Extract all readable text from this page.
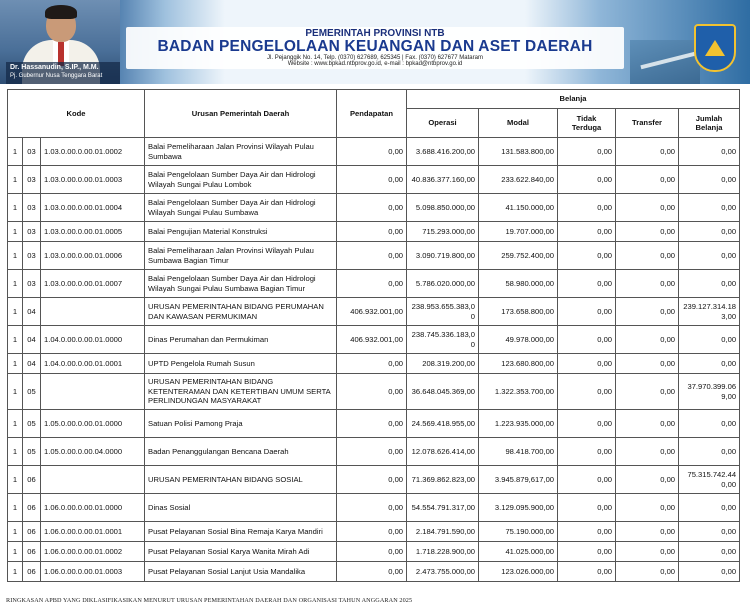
Dr. Hassanudin, S.IP., M.M.
Pj. Gubernur Nusa Tenggara Barat
PEMERINTAH PROVINSI NTB
BADAN PENGELOLAAN KEUANGAN DAN ASET DAERAH
Jl. Pejanggik No. 14, Telp. (0370) 627689, 625345 | Fax. (0370) 627677 Mataram
Website : www.bpkad.ntbprov.go.id, e-mail : bpkad@ntbprov.go.id
Kode			Urusan Pemerintah Daerah	Pendapatan	Belanja				
					Operasi	Modal	Tidak Terduga	Transfer	Jumlah Belanja
1	03	1.03.0.00.0.00.01.0002	Balai Pemeliharaan Jalan Provinsi Wilayah Pulau Sumbawa	0,00	3.688.416.200,00	131.583.800,00	0,00	0,00	0,00
1	03	1.03.0.00.0.00.01.0003	Balai Pengelolaan Sumber Daya Air dan Hidrologi Wilayah Sungai Pulau Lombok	0,00	40.836.377.160,00	233.622.840,00	0,00	0,00	0,00
1	03	1.03.0.00.0.00.01.0004	Balai Pengelolaan Sumber Daya Air dan Hidrologi Wilayah Sungai Pulau Sumbawa	0,00	5.098.850.000,00	41.150.000,00	0,00	0,00	0,00
1	03	1.03.0.00.0.00.01.0005	Balai Pengujian Material Konstruksi	0,00	715.293.000,00	19.707.000,00	0,00	0,00	0,00
1	03	1.03.0.00.0.00.01.0006	Balai Pemeliharaan Jalan Provinsi Wilayah Pulau Sumbawa Bagian Timur	0,00	3.090.719.800,00	259.752.400,00	0,00	0,00	0,00
1	03	1.03.0.00.0.00.01.0007	Balai Pengelolaan Sumber Daya Air dan Hidrologi Wilayah Sungai Pulau Sumbawa Bagian Timur	0,00	5.786.020.000,00	58.980.000,00	0,00	0,00	0,00
1	04		URUSAN PEMERINTAHAN BIDANG PERUMAHAN DAN KAWASAN PERMUKIMAN	406.932.001,00	238.953.655.383,00	173.658.800,00	0,00	0,00	239.127.314.183,00
1	04	1.04.0.00.0.00.01.0000	Dinas Perumahan dan Permukiman	406.932.001,00	238.745.336.183,00	49.978.000,00	0,00	0,00	0,00
1	04	1.04.0.00.0.00.01.0001	UPTD Pengelola Rumah Susun	0,00	208.319.200,00	123.680.800,00	0,00	0,00	0,00
1	05		URUSAN PEMERINTAHAN BIDANG KETENTERAMAN DAN KETERTIBAN UMUM SERTA PERLINDUNGAN MASYARAKAT	0,00	36.648.045.369,00	1.322.353.700,00	0,00	0,00	37.970.399.069,00
1	05	1.05.0.00.0.00.01.0000	Satuan Polisi Pamong Praja	0,00	24.569.418.955,00	1.223.935.000,00	0,00	0,00	0,00
1	05	1.05.0.00.0.00.04.0000	Badan Penanggulangan Bencana Daerah	0,00	12.078.626.414,00	98.418.700,00	0,00	0,00	0,00
1	06		URUSAN PEMERINTAHAN BIDANG SOSIAL	0,00	71.369.862.823,00	3.945.879,617,00	0,00	0,00	75.315.742.440,00
1	06	1.06.0.00.0.00.01.0000	Dinas Sosial	0,00	54.554.791.317,00	3.129.095.900,00	0,00	0,00	0,00
1	06	1.06.0.00.0.00.01.0001	Pusat Pelayanan Sosial Bina Remaja Karya Mandiri	0,00	2.184.791.590,00	75.190.000,00	0,00	0,00	0,00
1	06	1.06.0.00.0.00.01.0002	Pusat Pelayanan Sosial Karya Wanita Mirah Adi	0,00	1.718.228.900,00	41.025.000,00	0,00	0,00	0,00
1	06	1.06.0.00.0.00.01.0003	Pusat Pelayanan Sosial Lanjut Usia Mandalika	0,00	2.473.755.000,00	123.026.000,00	0,00	0,00	0,00
RINGKASAN APBD YANG DIKLASIFIKASIKAN MENURUT URUSAN PEMERINTAHAN DAERAH DAN ORGANISASI TAHUN ANGGARAN 2025
